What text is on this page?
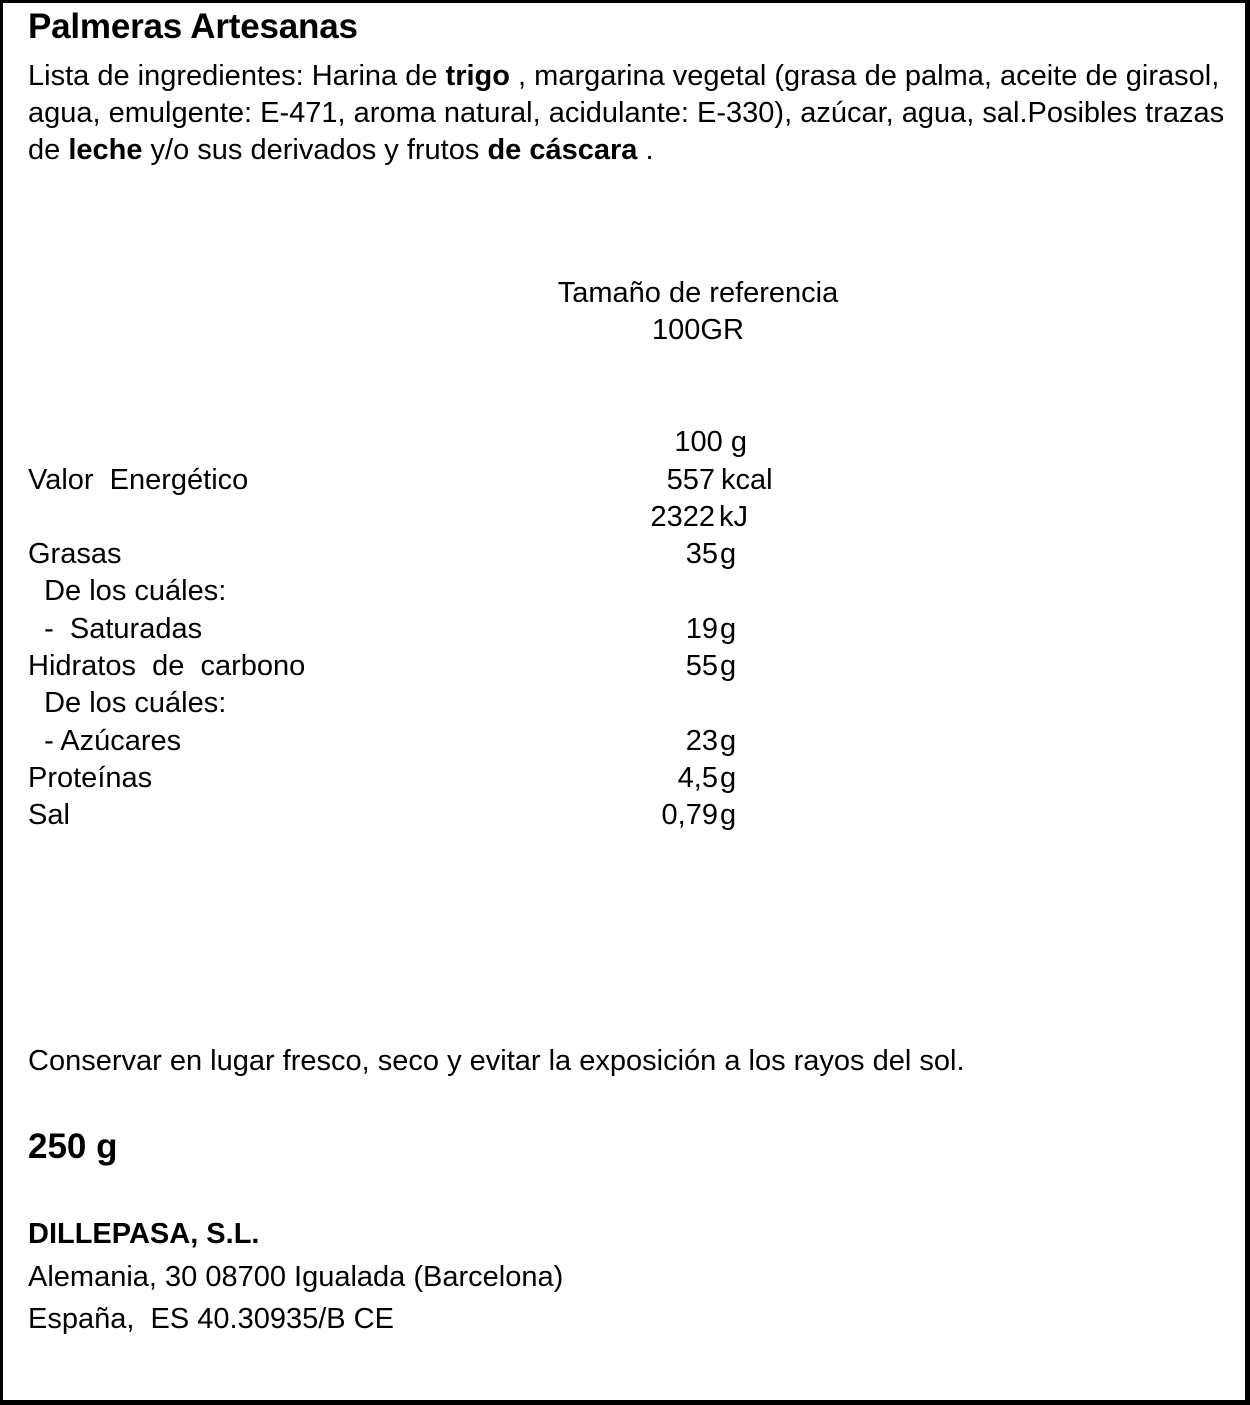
Palmeras Artesanas
Lista de ingredientes: Harina de trigo , margarina vegetal (grasa de palma, aceite de girasol, agua, emulgente: E-471, aroma natural, acidulante: E-330), azúcar, agua, sal.Posibles trazas de leche y/o sus derivados y frutos de cáscara .
Tamaño de referencia
100GR
100 g
Valor  Energético	557 kcal
2322 kJ
Grasas	35 g
De los cuáles:
-  Saturadas	19 g
Hidratos  de  carbono	55 g
De los cuáles:
- Azúcares	23 g
Proteínas	4,5 g
Sal	0,79 g
Conservar en lugar fresco, seco y evitar la exposición a los rayos del sol.
250 g
DILLEPASA, S.L.
Alemania, 30 08700 Igualada (Barcelona)
España,  ES 40.30935/B CE
